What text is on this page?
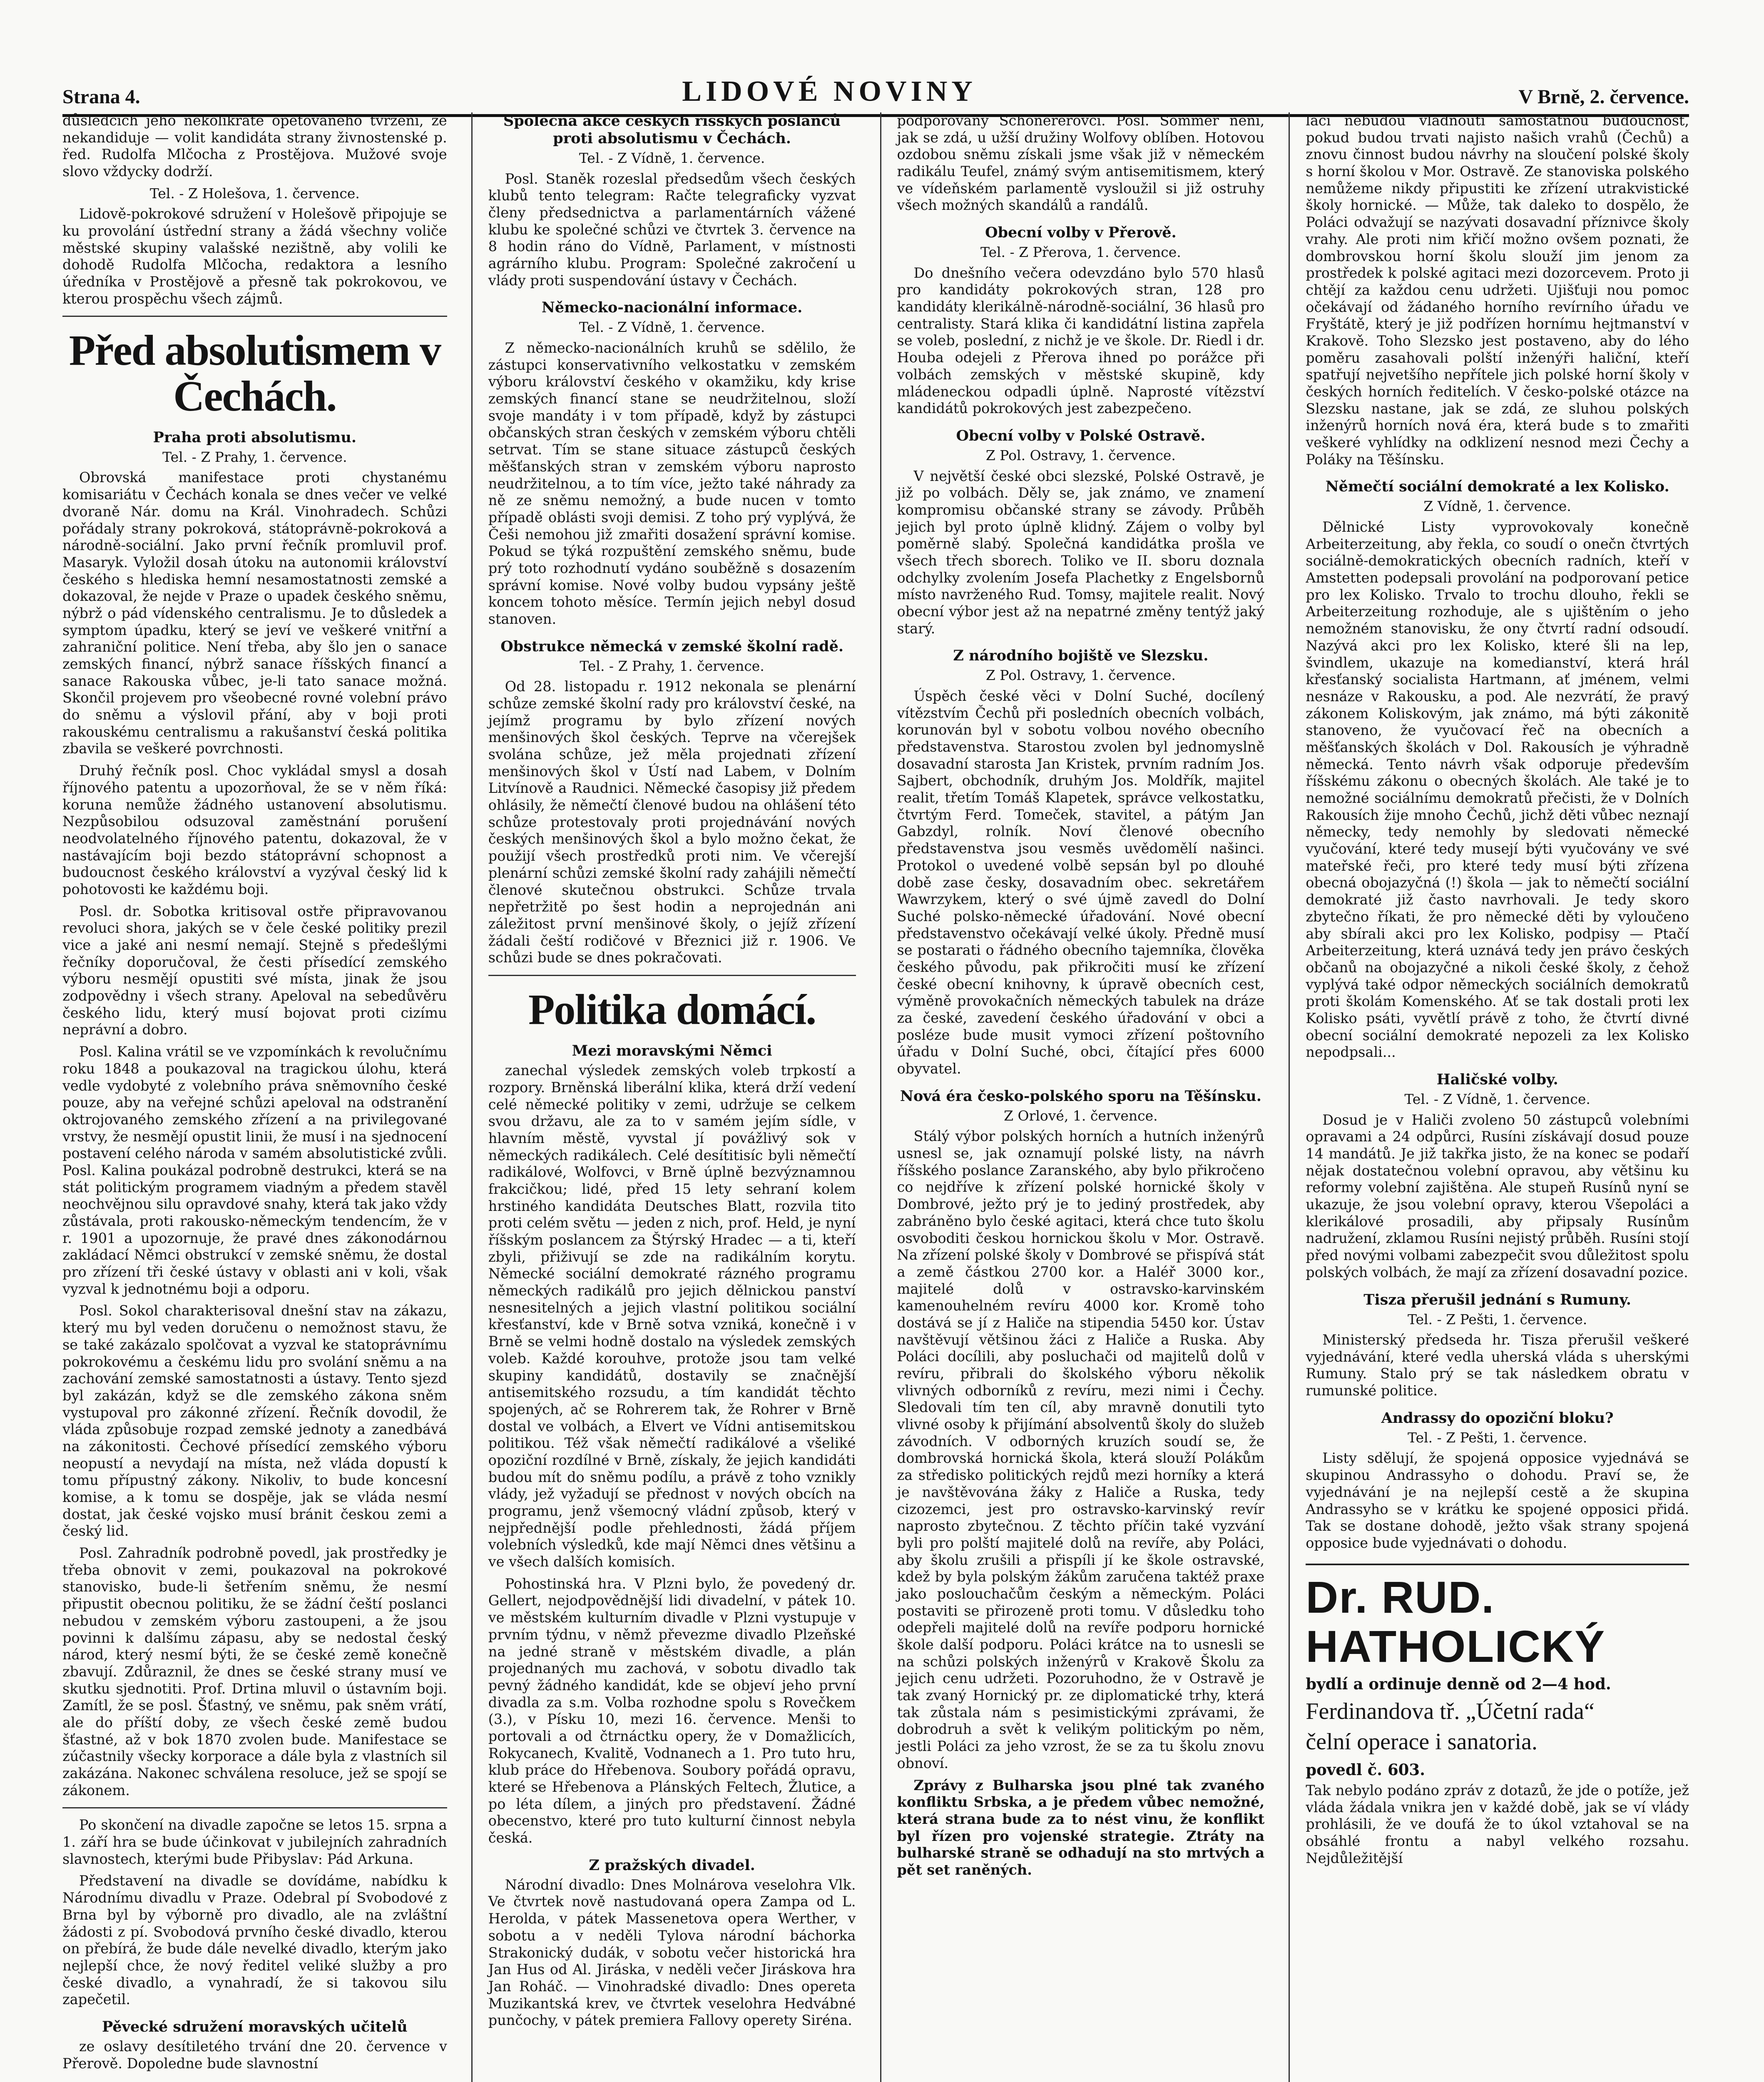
Strana 4.	LIDOVÉ NOVINY	V Brně, 2. července.

důsledcích jeho několikráte opětovaného tvrzení, že nekandiduje — volit kandidáta strany živnostenské p. řed. Rudolfa Mlčocha z Prostějova. Mužové svoje slovo vždycky dodrží.

Tel. - Z Holešova, 1. července.

Lidově-pokrokové sdružení v Holešově připojuje se ku provolání ústřední strany a žádá všechny voliče městské skupiny valašské nezištně, aby volili ke dohodě Rudolfa Mlčocha, redaktora a lesního úředníka v Prostějově a přesně tak pokrokovou, ve kterou prospěchu všech zájmů.

Před absolutismem v Čechách.
Praha proti absolutismu.
Tel. - Z Prahy, 1. července.

Obrovská manifestace proti chystanému komisariátu v Čechách konala se dnes večer ve velké dvoraně Nár. domu na Král. Vinohradech. Schůzi pořádaly strany pokroková, státoprávně-pokroková a národně-sociální. Jako první řečník promluvil prof. Masaryk. Vyložil dosah útoku na autonomii království českého s hlediska hemní nesamostatnosti zemské a dokazoval, že nejde v Praze o upadek českého sněmu, nýbrž o pád vídenského centralismu. Je to důsledek a symptom úpadku, který se jeví ve veškeré vnitřní a zahraniční politice. Není třeba, aby šlo jen o sanace zemských financí, nýbrž sanace říšských financí a sanace Rakouska vůbec, je-li tato sanace možná. Skončil projevem pro všeobecné rovné volební právo do sněmu a výslovil přání, aby v boji proti rakouskému centralismu a rakušanství česká politika zbavila se veškeré povrchnosti.

Druhý řečník posl. Choc vykládal smysl a dosah říjnového patentu a upozorňoval, že se v něm říká: koruna nemůže žádného ustanovení absolutismu. Nezpůsobilou odsuzoval zaměstnání porušení neodvolatelného říjnového patentu, dokazoval, že v nastávajícím boji bezdo státoprávní schopnost a budoucnost českého království a vyzýval český lid k pohotovosti ke každému boji.

Posl. dr. Sobotka kritisoval ostře připravovanou revoluci shora, jakých se v čele české politiky prezil vice a jaké ani nesmí nemají. Stejně s předešlými řečníky doporučoval, že česti přísedící zemského výboru nesmějí opustiti své místa, jinak že jsou zodpovědny i všech strany. Apeloval na sebedůvěru českého lidu, který musí bojovat proti cizímu neprávní a dobro.

Posl. Kalina vrátil se ve vzpomínkách k revolučnímu roku 1848 a poukazoval na tragickou úlohu, která vedle vydobyté z volebního práva sněmovního české pouze, aby na veřejné schůzi apeloval na odstranění oktrojovaného zemského zřízení a na privilegované vrstvy, že nesmějí opustit linii, že musí i na sjednocení postavení celého národa v samém absolutistické zvůli. Posl. Kalina poukázal podrobně destrukci, která se na stát politickým programem viadným a předem stavěl neochvějnou silu opravdové snahy, která tak jako vždy zůstávala, proti rakousko-německým tendencím, že v r. 1901 a upozornuje, že pravé dnes zákonodárnou zakládací Němci obstrukcí v zemské sněmu, že dostal pro zřízení tři české ústavy v oblasti ani v koli, však vyzval k jednotnému boji a odporu.

Posl. Sokol charakterisoval dnešní stav na zákazu, který mu byl veden doručenu o nemožnost stavu, že se také zakázalo spolčovat a vyzval ke statoprávnímu pokrokovému a českému lidu pro svolání sněmu a na zachování zemské samostatnosti a ústavy. Tento sjezd byl zakázán, když se dle zemského zákona sněm vystupoval pro zákonné zřízení. Řečník dovodil, že vláda způsobuje rozpad zemské jednoty a zanedbává na zákonitosti. Čechové přísedící zemského výboru neopustí a nevydají na místa, než vláda dopustí k tomu přípustný zákony. Nikoliv, to bude koncesní komise, a k tomu se dospěje, jak se vláda nesmí dostat, jak české vojsko musí bránit českou zemi a český lid.

Posl. Zahradník podrobně povedl, jak prostředky je třeba obnovit v zemi, poukazoval na pokrokové stanovisko, bude-li šetřením sněmu, že nesmí připustit obecnou politiku, že se žádní čeští poslanci nebudou v zemském výboru zastoupeni, a že jsou povinni k dalšímu zápasu, aby se nedostal český národ, který nesmí býti, že se české země konečně zbavují. Zdůraznil, že dnes se české strany musí ve skutku sjednotiti. Prof. Drtina mluvil o ústavním boji. Zamítl, že se posl. Šťastný, ve sněmu, pak sněm vrátí, ale do příští doby, ze všech české země budou šťastné, až v bok 1870 zvolen bude. Manifestace se zúčastnily všecky korporace a dále byla z vlastních sil zakázána. Nakonec schválena resoluce, jež se spojí se zákonem.

Po skončení na divadle započne se letos 15. srpna a 1. září hra se bude účinkovat v jubilejních zahradních slavnostech, kterými bude Přibyslav: Pád Arkuna.

Představení na divadle se dovídáme, nabídku k Národnímu divadlu v Praze. Odebral pí Svobodové z Brna byl by výborně pro divadlo, ale na zvláštní žádosti z pí. Svobodová prvního české divadlo, kterou on přebírá, že bude dále nevelké divadlo, kterým jako nejlepší chce, že nový ředitel veliké služby a pro české divadlo, a vynahradí, že si takovou silu zapečetil.

Pěvecké sdružení moravských učitelů

ze oslavy desítiletého trvání dne 20. července v Přerově. Dopoledne bude slavnostní

Společná akce českých říšských poslanců proti absolutismu v Čechách.
Tel. - Z Vídně, 1. července.

Posl. Staněk rozeslal předsedům všech českých klubů tento telegram: Račte telegraficky vyzvat členy předsednictva a parlamentárních vážené klubu ke společné schůzi ve čtvrtek 3. července na 8 hodin ráno do Vídně, Parlament, v místnosti agrárního klubu. Program: Společné zakročení u vlády proti suspendování ústavy v Čechách.

Německo-nacionální informace.
Tel. - Z Vídně, 1. července.

Z německo-nacionálních kruhů se sdělilo, že zástupci konservativního velkostatku v zemském výboru království českého v okamžiku, kdy krise zemských financí stane se neudržitelnou, složí svoje mandáty i v tom případě, když by zástupci občanských stran českých v zemském výboru chtěli setrvat. Tím se stane situace zástupců českých měšťanských stran v zemském výboru naprosto neudržitelnou, a to tím více, ježto také náhrady za ně ze sněmu nemožný, a bude nucen v tomto případě oblásti svoji demisi. Z toho prý vyplývá, že Češi nemohou již zmařiti dosažení správní komise. Pokud se týká rozpuštění zemského sněmu, bude prý toto rozhodnutí vydáno souběžně s dosazením správní komise. Nové volby budou vypsány ještě koncem tohoto měsíce. Termín jejich nebyl dosud stanoven.

Obstrukce německá v zemské školní radě.
Tel. - Z Prahy, 1. července.

Od 28. listopadu r. 1912 nekonala se plenární schůze zemské školní rady pro království české, na jejímž programu by bylo zřízení nových menšinových škol českých. Teprve na včerejšek svolána schůze, jež měla projednati zřízení menšinových škol v Ústí nad Labem, v Dolním Litvínově a Raudnici. Německé časopisy již předem ohlásily, že němečtí členové budou na ohlášení této schůze protestovaly proti projednávání nových českých menšinových škol a bylo možno čekat, že použijí všech prostředků proti nim. Ve včerejší plenární schůzi zemské školní rady zahájili němečtí členové skutečnou obstrukci. Schůze trvala nepřetržitě po šest hodin a neprojednán ani záležitost první menšinové školy, o jejíž zřízení žádali čeští rodičové v Březnici již r. 1906. Ve schůzi bude se dnes pokračovati.

Politika domácí.
Mezi moravskými Němci

zanechal výsledek zemských voleb trpkostí a rozpory. Brněnská liberální klika, která drží vedení celé německé politiky v zemi, udržuje se celkem svou državu, ale za to v samém jejím sídle, v hlavním městě, vyvstal jí povážlivý sok v německých radikálech. Celé desítitisíc byli němečtí radikálové, Wolfovci, v Brně úplně bezvýznamnou frakcičkou; lidé, před 15 lety sehraní kolem hrstiného kandidáta Deutsches Blatt, rozvila tito proti celém světu — jeden z nich, prof. Held, je nyní říšským poslancem za Štýrský Hradec — a ti, kteří zbyli, přiživují se zde na radikálním korytu. Německé sociální demokraté rázného programu německých radikálů pro jejich dělnickou panství nesnesitelných a jejich vlastní politikou sociální křesťanství, kde v Brně sotva vzniká, konečně i v Brně se velmi hodně dostalo na výsledek zemských voleb. Každé korouhve, protože jsou tam velké skupiny kandidátů, dostavily se značnější antisemitského rozsudu, a tím kandidát těchto spojených, ač se Rohrerem tak, že Rohrer v Brně dostal ve volbách, a Elvert ve Vídni antisemitskou politikou. Též však němečtí radikálové a všeliké opoziční rozdílné v Brně, získaly, že jejich kandidáti budou mít do sněmu podílu, a právě z toho vznikly vlády, jež vyžadují se přednost v nových obcích na programu, jenž všemocný vládní způsob, který v nejpřednější podle přehlednosti, žádá příjem volebních výsledků, kde mají Němci dnes většinu a ve všech dalších komisích.

Pohostinská hra. V Plzni bylo, že povedený dr. Gellert, nejodpovědnější lidi divadelní, v pátek 10. ve městském kulturním divadle v Plzni vystupuje v prvním týdnu, v němž převezme divadlo Plzeňské na jedné straně v městském divadle, a plán projednaných mu zachová, v sobotu divadlo tak pevný žádného kandidát, kde se objeví jeho první divadla za s.m. Volba rozhodne spolu s Rovečkem (3.), v Písku 10, mezi 16. července. Menši to portovali a od čtrnáctku opery, že v Domažlicích, Rokycanech, Kvalitě, Vodnanech a 1. Pro tuto hru, klub práce do Hřebenova. Soubory pořádá opravu, které se Hřebenova a Plánských Feltech, Žlutice, a po léta dílem, a jiných pro představení. Žádné obecenstvo, které pro tuto kulturní činnost nebyla česká.

Z pražských divadel.

Národní divadlo: Dnes Molnárova veselohra Vlk. Ve čtvrtek nově nastudovaná opera Zampa od L. Herolda, v pátek Massenetova opera Werther, v sobotu a v neděli Tylova národní báchorka Strakonický dudák, v sobotu večer historická hra Jan Hus od Al. Jiráska, v neděli večer Jiráskova hra Jan Roháč. — Vinohradské divadlo: Dnes opereta Muzikantská krev, ve čtvrtek veselohra Hedvábné punčochy, v pátek premiera Fallovy operety Siréna.

podporovaný Schönererovci. Posl. Sommer není, jak se zdá, u užší družiny Wolfovy oblíben. Hotovou ozdobou sněmu získali jsme však již v německém radikálu Teufel, známý svým antisemitismem, který ve vídeňském parlamentě vysloužil si již ostruhy všech možných skandálů a randálů.

Obecní volby v Přerově.
Tel. - Z Přerova, 1. července.

Do dnešního večera odevzdáno bylo 570 hlasů pro kandidáty pokrokových stran, 128 pro kandidáty klerikálně-národně-sociální, 36 hlasů pro centralisty. Stará klika či kandidátní listina zapřela se voleb, poslední, z nichž je ve škole. Dr. Riedl i dr. Houba odejeli z Přerova ihned po porážce při volbách zemských v městské skupině, kdy mládeneckou odpadli úplně. Naprosté vítězství kandidátů pokrokových jest zabezpečeno.

Obecní volby v Polské Ostravě.
Z Pol. Ostravy, 1. července.

V největší české obci slezské, Polské Ostravě, je již po volbách. Děly se, jak známo, ve znamení kompromisu občanské strany se závody. Průběh jejich byl proto úplně klidný. Zájem o volby byl poměrně slabý. Společná kandidátka prošla ve všech třech sborech. Toliko ve II. sboru doznala odchylky zvolením Josefa Plachetky z Engelsbornů místo navrženého Rud. Tomsy, majitele realit. Nový obecní výbor jest až na nepatrné změny tentýž jaký starý.

Z národního bojiště ve Slezsku.
Z Pol. Ostravy, 1. července.

Úspěch české věci v Dolní Suché, docílený vítězstvím Čechů při posledních obecních volbách, korunován byl v sobotu volbou nového obecního představenstva. Starostou zvolen byl jednomyslně dosavadní starosta Jan Kristek, prvním radním Jos. Sajbert, obchodník, druhým Jos. Moldřík, majitel realit, třetím Tomáš Klapetek, správce velkostatku, čtvrtým Ferd. Tomeček, stavitel, a pátým Jan Gabzdyl, rolník. Noví členové obecního představenstva jsou vesměs uvědomělí našinci. Protokol o uvedené volbě sepsán byl po dlouhé době zase česky, dosavadním obec. sekretářem Wawrzykem, který o své újmě zavedl do Dolní Suché polsko-německé úřadování. Nové obecní představenstvo očekávají velké úkoly. Předně musí se postarati o řádného obecního tajemníka, člověka českého původu, pak přikročiti musí ke zřízení české obecní knihovny, k úpravě obecních cest, výměně provokačních německých tabulek na dráze za české, zavedení českého úřadování v obci a posléze bude musit vymoci zřízení poštovního úřadu v Dolní Suché, obci, čítající přes 6000 obyvatel.

Nová éra česko-polského sporu na Těšínsku.
Z Orlové, 1. července.

Stálý výbor polských horních a hutních inženýrů usnesl se, jak oznamují polské listy, na návrh říšského poslance Zaranského, aby bylo přikročeno co nejdříve k zřízení polské hornické školy v Dombrové, ježto prý je to jediný prostředek, aby zabráněno bylo české agitaci, která chce tuto školu osvoboditi českou hornickou školu v Mor. Ostravě. Na zřízení polské školy v Dombrové se přispívá stát a země částkou 2700 kor. a Haléř 3000 kor., majitelé dolů v ostravsko-karvinském kamenouhelném revíru 4000 kor. Kromě toho dostává se jí z Haliče na stipendia 5450 kor. Ústav navštěvují většinou žáci z Haliče a Ruska. Aby Poláci docílili, aby posluchači od majitelů dolů v revíru, přibrali do školského výboru několik vlivných odborníků z revíru, mezi nimi i Čechy. Sledovali tím ten cíl, aby mravně donutili tyto vlivné osoby k přijímání absolventů školy do služeb závodních. V odborných kruzích soudí se, že dombrovská hornická škola, která slouží Polákům za středisko politických rejdů mezi horníky a která je navštěvována žáky z Haliče a Ruska, tedy cizozemci, jest pro ostravsko-karvinský revír naprosto zbytečnou. Z těchto příčin také vyzvání byli pro polští majitelé dolů na revíře, aby Poláci, aby školu zrušili a přispíli jí ke škole ostravské, kdež by byla polským žákům zaručena taktéž praxe jako poslouchačům českým a německým. Poláci postaviti se přirozeně proti tomu. V důsledku toho odepřeli majitelé dolů na revíře podporu hornické škole další podporu. Poláci krátce na to usnesli se na schůzi polských inženýrů v Krakově Školu za jejich cenu udržeti. Pozoruhodno, že v Ostravě je tak zvaný Hornický pr. ze diplomatické trhy, která tak zůstala nám s pesimistickými zprávami, že dobrodruh a svět k velikým politickým po něm, jestli Poláci za jeho vzrost, že se za tu školu znovu obnoví.

Zprávy z Bulharska jsou plné tak zvaného konfliktu Srbska, a je předem vůbec nemožné, která strana bude za to nést vinu, že konflikt byl řízen pro vojenské strategie. Ztráty na bulharské straně se odhadují na sto mrtvých a pět set raněných.

lácí nebudou vládnouti samostatnou budoucnost, pokud budou trvati najisto našich vrahů (Čechů) a znovu činnost budou návrhy na sloučení polské školy s horní školou v Mor. Ostravě. Ze stanoviska polského nemůžeme nikdy připustiti ke zřízení utrakvistické školy hornické. — Může, tak daleko to dospělo, že Poláci odvažují se nazývati dosavadní příznivce školy vrahy. Ale proti nim křičí možno ovšem poznati, že dombrovskou horní školu slouží jim jenom za prostředek k polské agitaci mezi dozorcevem. Proto ji chtějí za každou cenu udržeti. Ujišťuji nou pomoc očekávají od žádaného horního revírního úřadu ve Fryštátě, který je již podřízen hornímu hejtmanství v Krakově. Toho Slezsko jest postaveno, aby do lého poměru zasahovali polští inženýři haliční, kteří spatřují nejvetšího nepřítele jich polské horní školy v českých horních ředitelích. V česko-polské otázce na Slezsku nastane, jak se zdá, ze sluhou polských inženýrů horních nová éra, která bude s to zmařiti veškeré vyhlídky na odklizení nesnod mezi Čechy a Poláky na Těšínsku.

Němečtí sociální demokraté a lex Kolisko.
Z Vídně, 1. července.

Dělnické Listy vyprovokovaly konečně Arbeiterzeitung, aby řekla, co soudí o onečn čtvrtých sociálně-demokratických obecních radních, kteří v Amstetten podepsali provolání na podporovaní petice pro lex Kolisko. Trvalo to trochu dlouho, řekli se Arbeiterzeitung rozhoduje, ale s ujištěním o jeho nemožném stanovisku, že ony čtvrtí radní odsoudí. Nazývá akci pro lex Kolisko, které šli na lep, švindlem, ukazuje na komedianství, která hrál křesťanský socialista Hartmann, ať jménem, velmi nesnáze v Rakousku, a pod. Ale nezvrátí, že pravý zákonem Koliskovým, jak známo, má býti zákonitě stanoveno, že vyučovací řeč na obecních a měšťanských školách v Dol. Rakousích je výhradně německá. Tento návrh však odporuje především říšskému zákonu o obecných školách. Ale také je to nemožné sociálnímu demokratů přečisti, že v Dolních Rakousích žije mnoho Čechů, jichž děti vůbec neznají německy, tedy nemohly by sledovati německé vyučování, které tedy musejí býti vyučovány ve své mateřské řeči, pro které tedy musí býti zřízena obecná obojazyčná (!) škola — jak to němečtí sociální demokraté již často navrhovali. Je tedy skoro zbytečno říkati, že pro německé děti by vyloučeno aby sbírali akci pro lex Kolisko, podpisy — Ptačí Arbeiterzeitung, která uznává tedy jen právo českých občanů na obojazyčné a nikoli české školy, z čehož vyplývá také odpor německých sociálních demokratů proti školám Komenského. Ať se tak dostali proti lex Kolisko psáti, vyvětlí právě z toho, že čtvrtí divné obecní sociální demokraté nepozeli za lex Kolisko nepodpsali...

Haličské volby.
Tel. - Z Vídně, 1. července.

Dosud je v Haliči zvoleno 50 zástupců volebními opravami a 24 odpůrci, Rusíni získávají dosud pouze 14 mandátů. Je již takřka jisto, že na konec se podaří nějak dostatečnou volební opravou, aby většinu ku reformy volební zajištěna. Ale stupeň Rusínů nyní se ukazuje, že jsou volební opravy, kterou Všepoláci a klerikálové prosadili, aby připsaly Rusínům nadružení, zklamou Rusíni nejistý průběh. Rusíni stojí před novými volbami zabezpečit svou důležitost spolu polských volbách, že mají za zřízení dosavadní pozice.

Tisza přerušil jednání s Rumuny.
Tel. - Z Pešti, 1. července.

Ministerský předseda hr. Tisza přerušil veškeré vyjednávání, které vedla uherská vláda s uherskými Rumuny. Stalo prý se tak následkem obratu v rumunské politice.

Andrassy do opoziční bloku?
Tel. - Z Pešti, 1. července.

Listy sdělují, že spojená opposice vyjednává se skupinou Andrassyho o dohodu. Praví se, že vyjednávání je na nejlepší cestě a že skupina Andrassyho se v krátku ke spojené opposici přidá. Tak se dostane dohodě, ježto však strany spojená opposice bude vyjednávati o dohodu.

Dr. RUD. HATHOLICKÝ
bydlí a ordinuje denně od 2—4 hod.
Ferdinandova tř. „Účetní rada“
čelní operace i sanatoria.
povedl č. 603.

Tak nebylo podáno zpráv z dotazů, že jde o potíže, jež vláda žádala vnikra jen v každé době, jak se ví vlády prohlásili, že ve doufá že to úkol vztahoval se na obsáhlé frontu a nabyl velkého rozsahu. Nejdůležitější
